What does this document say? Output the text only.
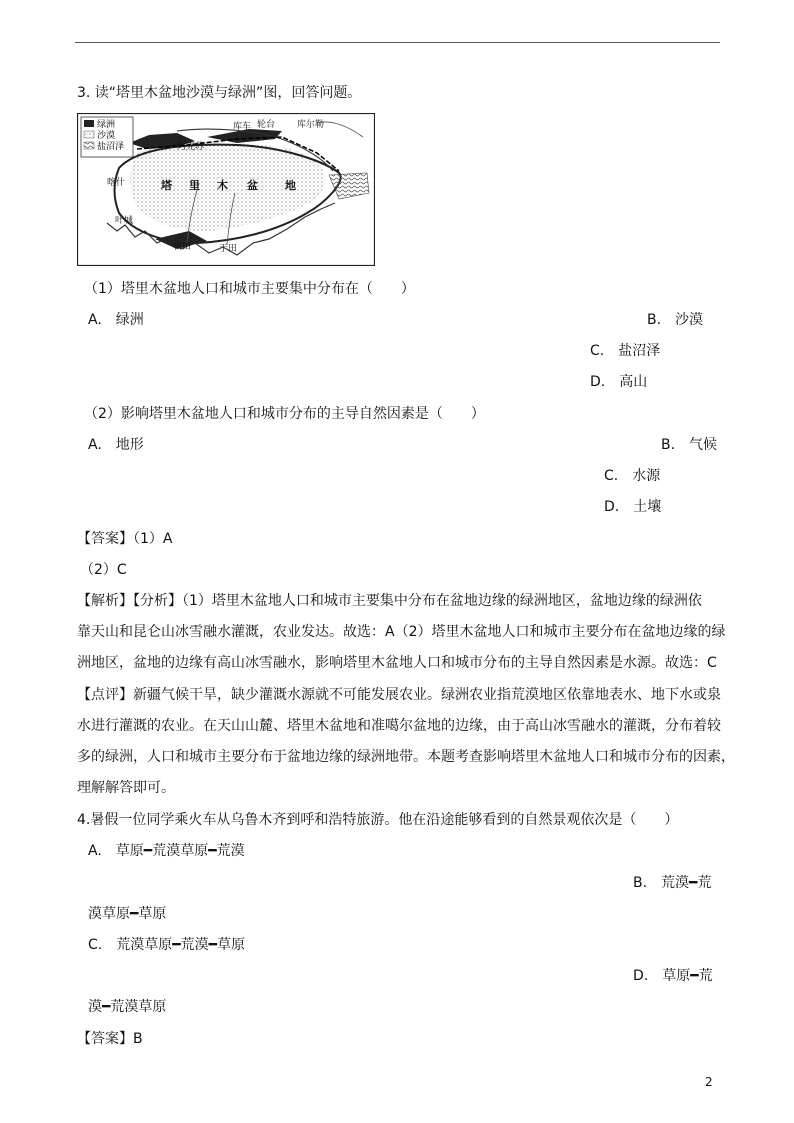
3. 读“塔里木盆地沙漠与绿洲”图，回答问题。
绿洲
沙漠
盐沼泽
库车 轮台 库尔勒
阿克苏
喀什
叶城
和田	于田
塔 里 木 盆 地
（1）塔里木盆地人口和城市主要集中分布在（　　）
A.　绿洲	B.　沙漠
C.　盐沼泽
D.　高山
（2）影响塔里木盆地人口和城市分布的主导自然因素是（　　）
A.　地形	B.　气候
C.　水源
D.　土壤
【答案】（1）A
（2）C
【解析】【分析】（1）塔里木盆地人口和城市主要集中分布在盆地边缘的绿洲地区，盆地边缘的绿洲依
靠天山和昆仑山冰雪融水灌溉，农业发达。故选：A（2）塔里木盆地人口和城市主要分布在盆地边缘的绿
洲地区，盆地的边缘有高山冰雪融水，影响塔里木盆地人口和城市分布的主导自然因素是水源。故选：C
【点评】新疆气候干旱，缺少灌溉水源就不可能发展农业。绿洲农业指荒漠地区依靠地表水、地下水或泉
水进行灌溉的农业。在天山山麓、塔里木盆地和准噶尔盆地的边缘，由于高山冰雪融水的灌溉，分布着较
多的绿洲，人口和城市主要分布于盆地边缘的绿洲地带。本题考查影响塔里木盆地人口和城市分布的因素，
理解解答即可。
4.暑假一位同学乘火车从乌鲁木齐到呼和浩特旅游。他在沿途能够看到的自然景观依次是（　　）
A.　草原━荒漠草原━荒漠
B.　荒漠━荒
漠草原━草原
C.　荒漠草原━荒漠━草原
D.　草原━荒
漠━荒漠草原
【答案】B
2
